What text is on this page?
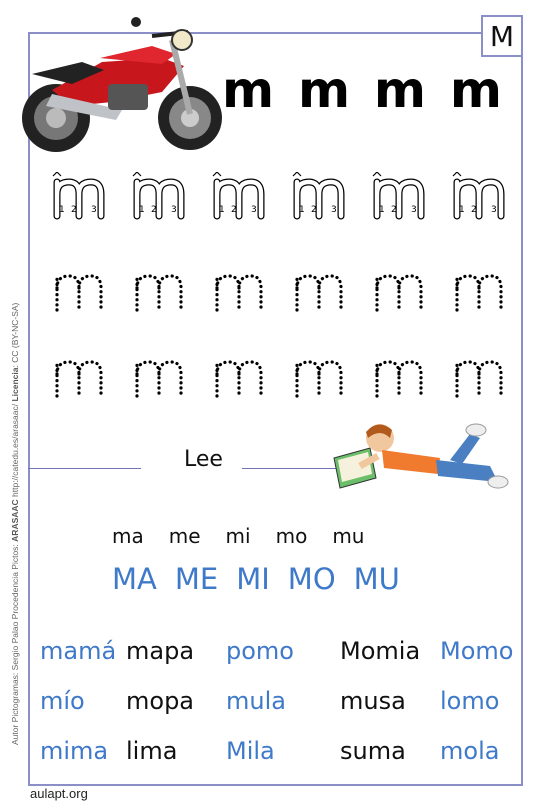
M
Autor Pictogramas: Sergio Palao Procedencia Pictos: ARASAAC http://catedu.es/arasaac/ Licencia: CC (BY-NC-SA)
m m m m
1 2 3	1 2 3	1 2 3	1 2 3	1 2 3	1 2 3
Lee
ma me mi mo mu
MA ME MI MO MU
mamá mapa pomo Momia Momo
mío mopa mula musa lomo
mima lima Mila	suma mola
aulapt.org
